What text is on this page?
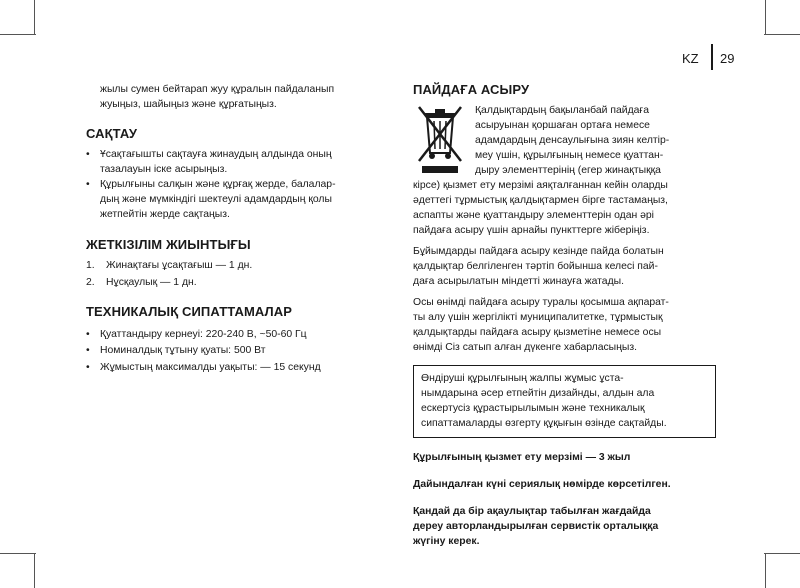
KZ 29

жылы сумен бейтарап жуу құралын пайдаланып
жуыңыз, шайыңыз және құрғатыңыз.

САҚТАУ
• Ұсақтағышты сақтауға жинаудың алдында оның
тазалауын іске асырыңыз.
• Құрылғыны салқын және құрғақ жерде, балалар-
дың және мүмкіндігі шектеулі адамдардың қолы
жетпейтін жерде сақтаңыз.
ЖЕТКІЗІЛІМ ЖИЫНТЫҒЫ
1. Жинақтағы ұсақтағыш — 1 дн.
2. Нұсқаулық — 1 дн.
ТЕХНИКАЛЫҚ СИПАТТАМАЛАР
• Қуаттандыру кернеуі: 220-240 В, ~50-60 Гц
• Номиналдық тұтыну қуаты: 500 Вт
• Жұмыстың максималды уақыты: — 15 секунд
ПАЙДАҒА АСЫРУ

Қалдықтардың бақыланбай пайдаға
асыруынан қоршаған ортаға немесе
адамдардың денсаулығына зиян келтір-
меу үшін, құрылғының немесе қуаттан-
дыру элементтерінің (егер жинақтыққа
кірсе) қызмет ету мерзімі аяқталғаннан кейін оларды
әдеттегі тұрмыстық қалдықтармен бірге тастамаңыз,
аспапты және қуаттандыру элементтерін одан әрі
пайдаға асыру үшін арнайы пункттерге жіберіңіз.

Бұйымдарды пайдаға асыру кезінде пайда болатын
қалдықтар белгіленген тәртіп бойынша келесі пай-
даға асырылатын міндетті жинауға жатады.

Осы өнімді пайдаға асыру туралы қосымша ақпарат-
ты алу үшін жергілікті муниципалитетке, тұрмыстық
қалдықтарды пайдаға асыру қызметіне немесе осы
өнімді Сіз сатып алған дүкенге хабарласыңыз.

Өндіруші құрылғының жалпы жұмыс ұста-
нымдарына әсер етпейтін дизайнды, алдын ала
ескертусіз құрастырылымын және техникалық
сипаттамаларды өзгерту құқығын өзінде сақтайды.

Құрылғының қызмет ету мерзімі — 3 жыл

Дайындалған күні сериялық нөмірде көрсетілген.

Қандай да бір ақаулықтар табылған жағдайда
дереу авторландырылған сервистік орталыққа
жүгіну керек.
